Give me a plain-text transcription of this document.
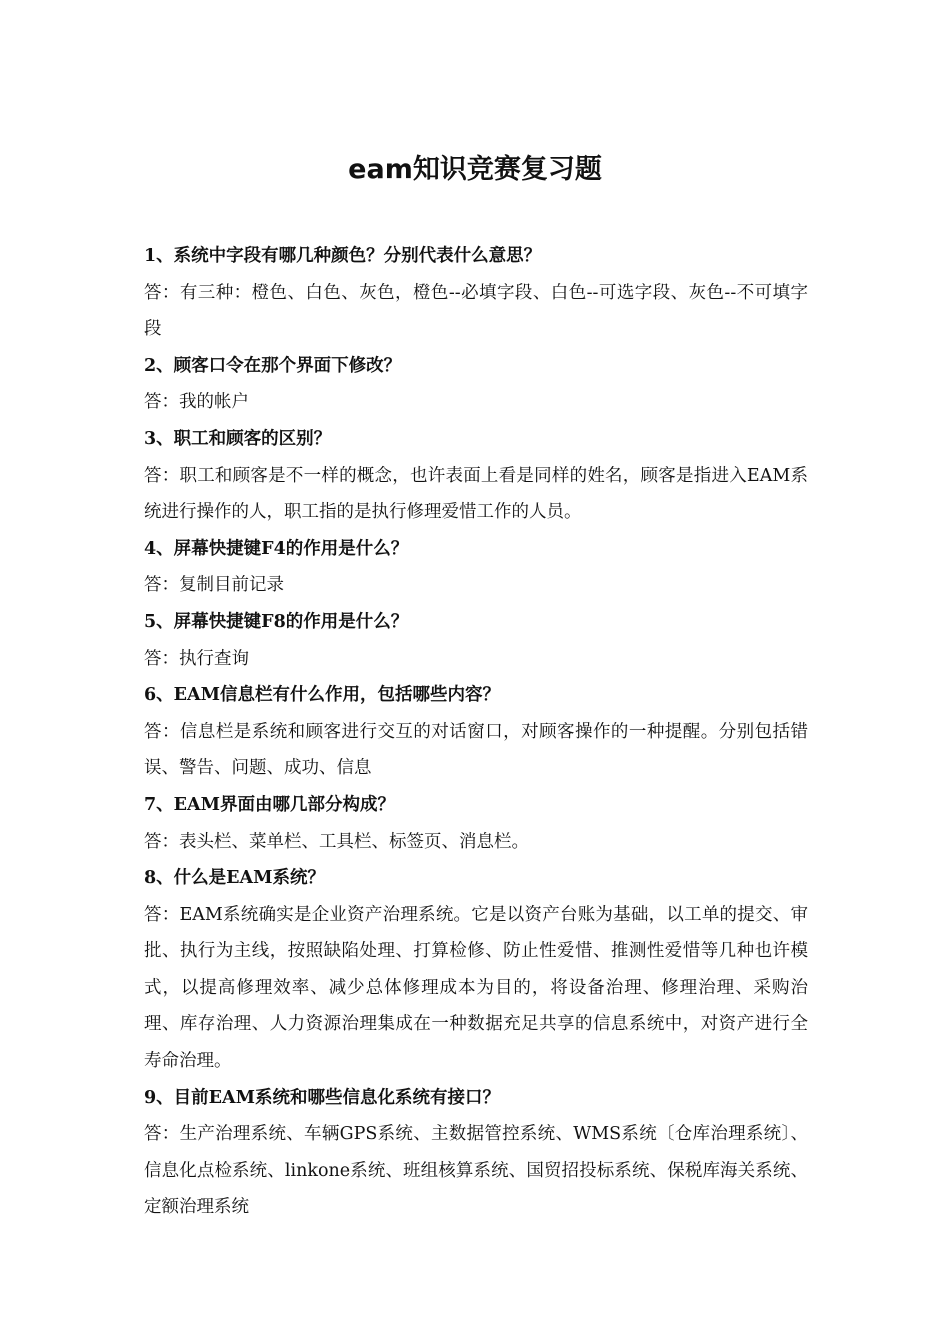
eam知识竞赛复习题

1、系统中字段有哪几种颜色？分别代表什么意思？

答：有三种：橙色、白色、灰色，橙色--必填字段、白色--可选字段、灰色--不可填字段

2、顾客口令在那个界面下修改？

答：我的帐户

3、职工和顾客的区别？

答：职工和顾客是不一样的概念，也许表面上看是同样的姓名，顾客是指进入EAM系统进行操作的人，职工指的是执行修理爱惜工作的人员。

4、屏幕快捷键F4的作用是什么？

答：复制目前记录

5、屏幕快捷键F8的作用是什么？

答：执行查询

6、EAM信息栏有什么作用，包括哪些内容？

答：信息栏是系统和顾客进行交互的对话窗口，对顾客操作的一种提醒。分别包括错误、警告、问题、成功、信息

7、EAM界面由哪几部分构成？

答：表头栏、菜单栏、工具栏、标签页、消息栏。

8、什么是EAM系统？

答：EAM系统确实是企业资产治理系统。它是以资产台账为基础，以工单的提交、审批、执行为主线，按照缺陷处理、打算检修、防止性爱惜、推测性爱惜等几种也许模式，以提高修理效率、减少总体修理成本为目的，将设备治理、修理治理、采购治理、库存治理、人力资源治理集成在一种数据充足共享的信息系统中，对资产进行全寿命治理。

9、目前EAM系统和哪些信息化系统有接口？

答：生产治理系统、车辆GPS系统、主数据管控系统、WMS系统〔仓库治理系统〕、信息化点检系统、linkone系统、班组核算系统、国贸招投标系统、保税库海关系统、定额治理系统
